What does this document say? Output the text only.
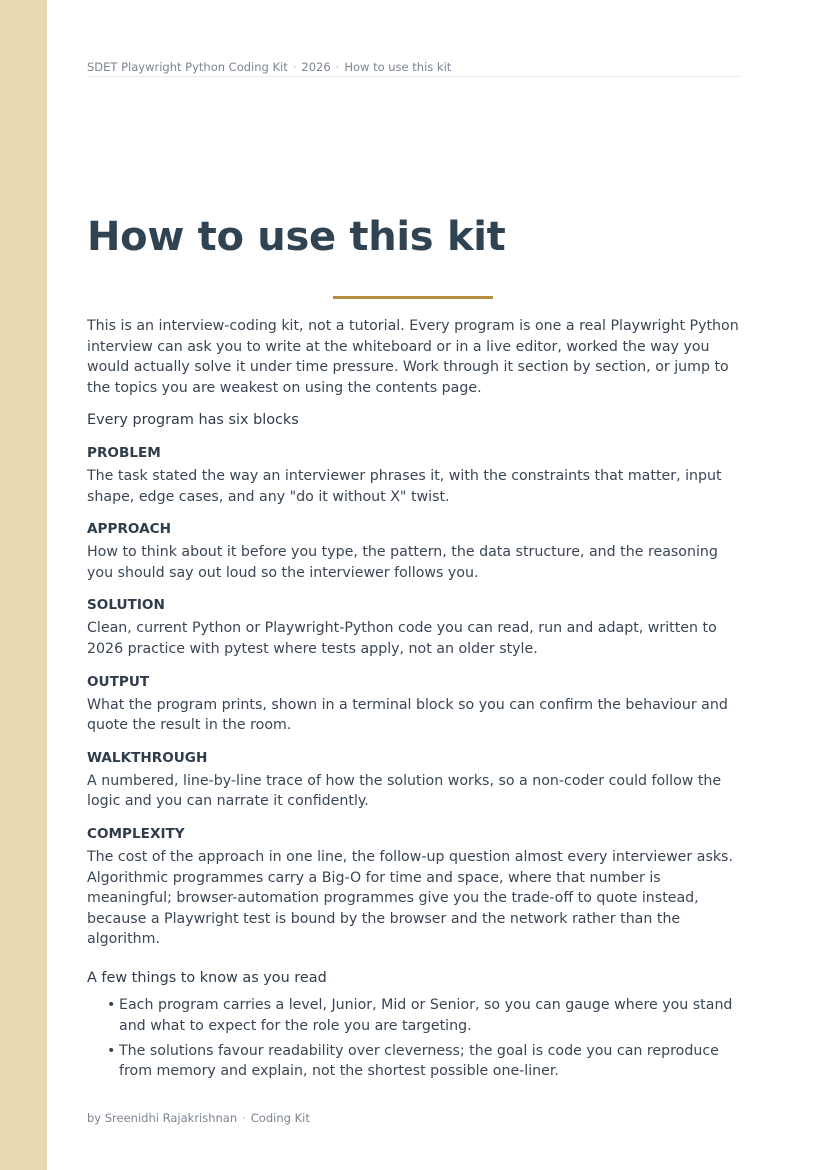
SDET Playwright Python Coding Kit · 2026 · How to use this kit
How to use this kit

This is an interview-coding kit, not a tutorial. Every program is one a real Playwright Python interview can ask you to write at the whiteboard or in a live editor, worked the way you would actually solve it under time pressure. Work through it section by section, or jump to the topics you are weakest on using the contents page.

Every program has six blocks

PROBLEM

The task stated the way an interviewer phrases it, with the constraints that matter, input shape, edge cases, and any "do it without X" twist.

APPROACH

How to think about it before you type, the pattern, the data structure, and the reasoning you should say out loud so the interviewer follows you.

SOLUTION

Clean, current Python or Playwright-Python code you can read, run and adapt, written to 2026 practice with pytest where tests apply, not an older style.

OUTPUT

What the program prints, shown in a terminal block so you can confirm the behaviour and quote the result in the room.

WALKTHROUGH

A numbered, line-by-line trace of how the solution works, so a non-coder could follow the logic and you can narrate it confidently.

COMPLEXITY

The cost of the approach in one line, the follow-up question almost every interviewer asks. Algorithmic programmes carry a Big-O for time and space, where that number is meaningful; browser-automation programmes give you the trade-off to quote instead, because a Playwright test is bound by the browser and the network rather than the algorithm.

A few things to know as you read

• Each program carries a level, Junior, Mid or Senior, so you can gauge where you stand and what to expect for the role you are targeting.
• The solutions favour readability over cleverness; the goal is code you can reproduce from memory and explain, not the shortest possible one-liner.
by Sreenidhi Rajakrishnan · Coding Kit
